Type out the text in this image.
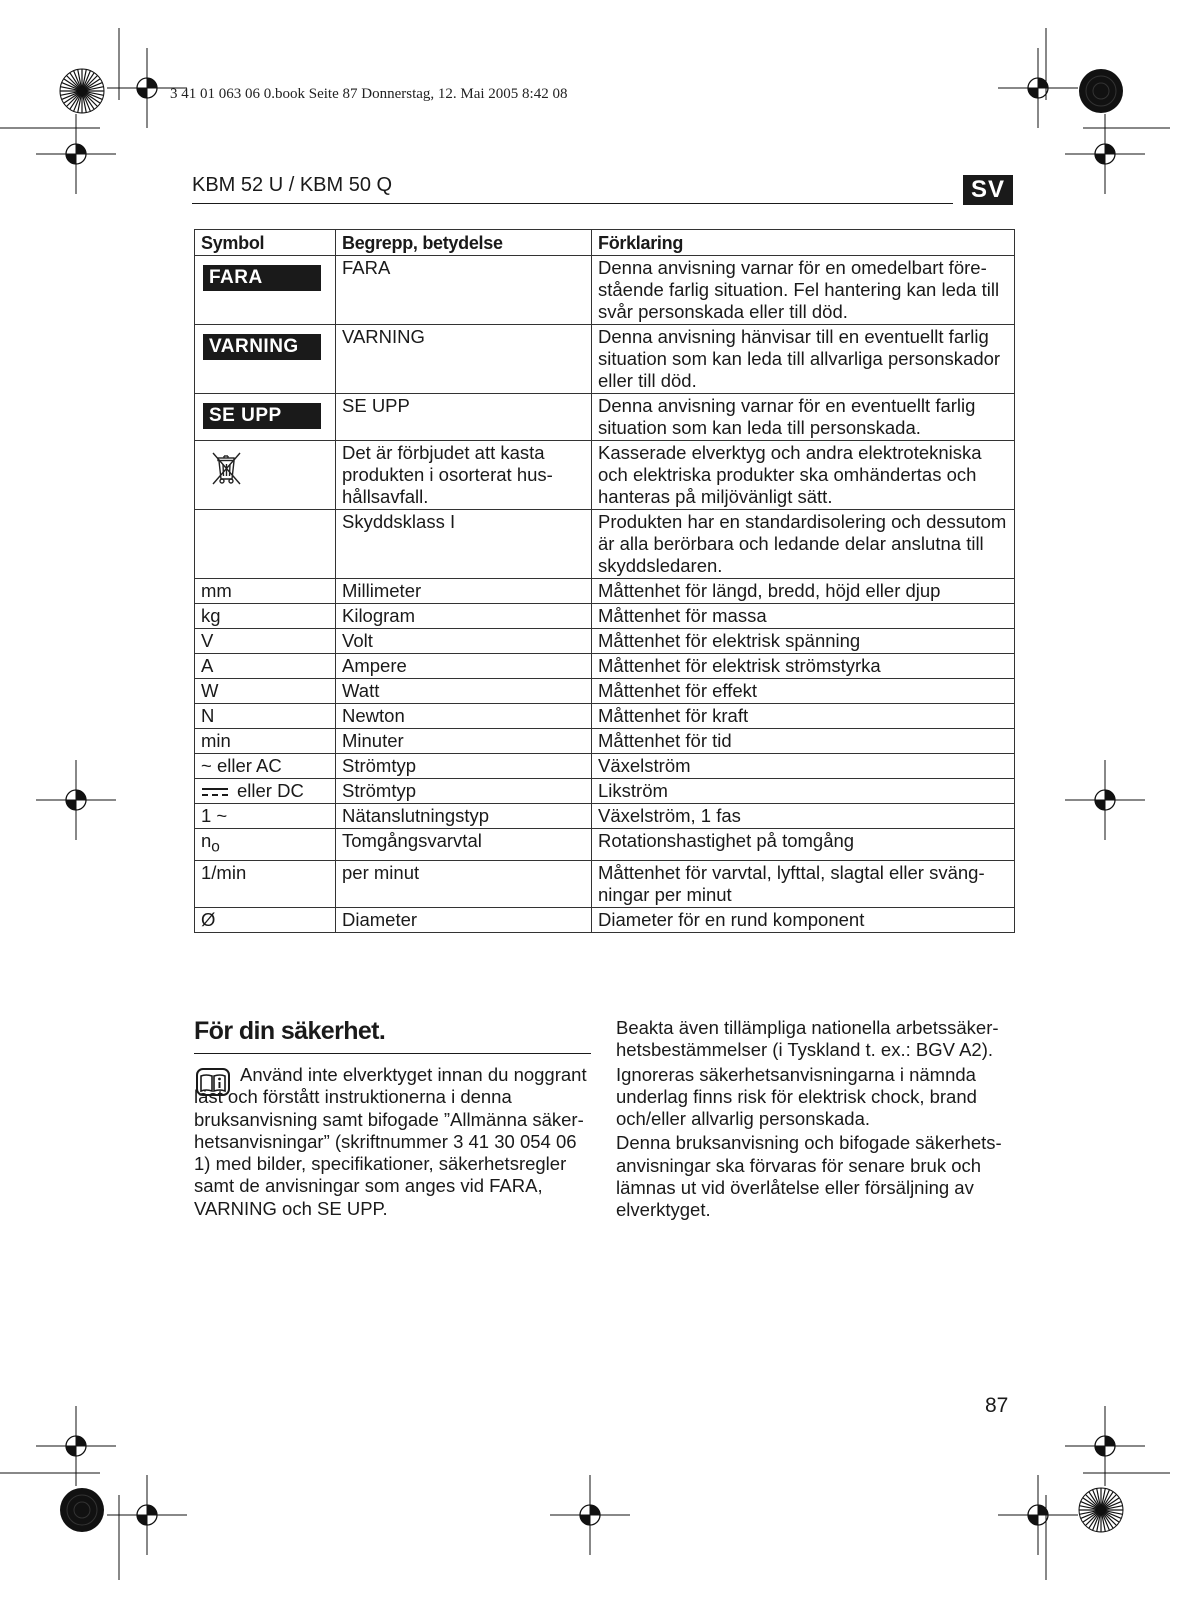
3 41 01 063 06 0.book Seite 87 Donnerstag, 12. Mai 2005 8:42 08
KBM 52 U / KBM 50 Q	SV
Symbol	Begrepp, betydelse	Förklaring
FARA	FARA	Denna anvisning varnar för en omedelbart förestående farlig situation. Fel hantering kan leda till svår personskada eller till död.
VARNING	VARNING	Denna anvisning hänvisar till en eventuellt farlig situation som kan leda till allvarliga personskador eller till död.
SE UPP	SE UPP	Denna anvisning varnar för en eventuellt farlig situation som kan leda till personskada.
	Det är förbjudet att kasta produkten i osorterat hushållsavfall.	Kasserade elverktyg och andra elektrotekniska och elektriska produkter ska omhändertas och hanteras på miljövänligt sätt.
	Skyddsklass I	Produkten har en standardisolering och dessutom är alla berörbara och ledande delar anslutna till skyddsledaren.
mm	Millimeter	Måttenhet för längd, bredd, höjd eller djup
kg	Kilogram	Måttenhet för massa
V	Volt	Måttenhet för elektrisk spänning
A	Ampere	Måttenhet för elektrisk strömstyrka
W	Watt	Måttenhet för effekt
N	Newton	Måttenhet för kraft
min	Minuter	Måttenhet för tid
~ eller AC	Strömtyp	Växelström
eller DC	Strömtyp	Likström
1 ~	Nätanslutningstyp	Växelström, 1 fas
$n_o$	Tomgångsvarvtal	Rotationshastighet på tomgång
1/min	per minut	Måttenhet för varvtal, lyfttal, slagtal eller svängningar per minut
Ø	Diameter	Diameter för en rund komponent
För din säkerhet.
Använd inte elverktyget innan du noggrant läst och förstått instruktionerna i denna bruksanvisning samt bifogade ”Allmänna säkerhetsanvisningar” (skriftnummer 3 41 30 054 06 1) med bilder, specifikationer, säkerhetsregler samt de anvisningar som anges vid FARA, VARNING och SE UPP.

Beakta även tillämpliga nationella arbetssäkerhetsbestämmelser (i Tyskland t. ex.: BGV A2).

Ignoreras säkerhetsanvisningarna i nämnda underlag finns risk för elektrisk chock, brand och/eller allvarlig personskada.

Denna bruksanvisning och bifogade säkerhetsanvisningar ska förvaras för senare bruk och lämnas ut vid överlåtelse eller försäljning av elverktyget.

87
